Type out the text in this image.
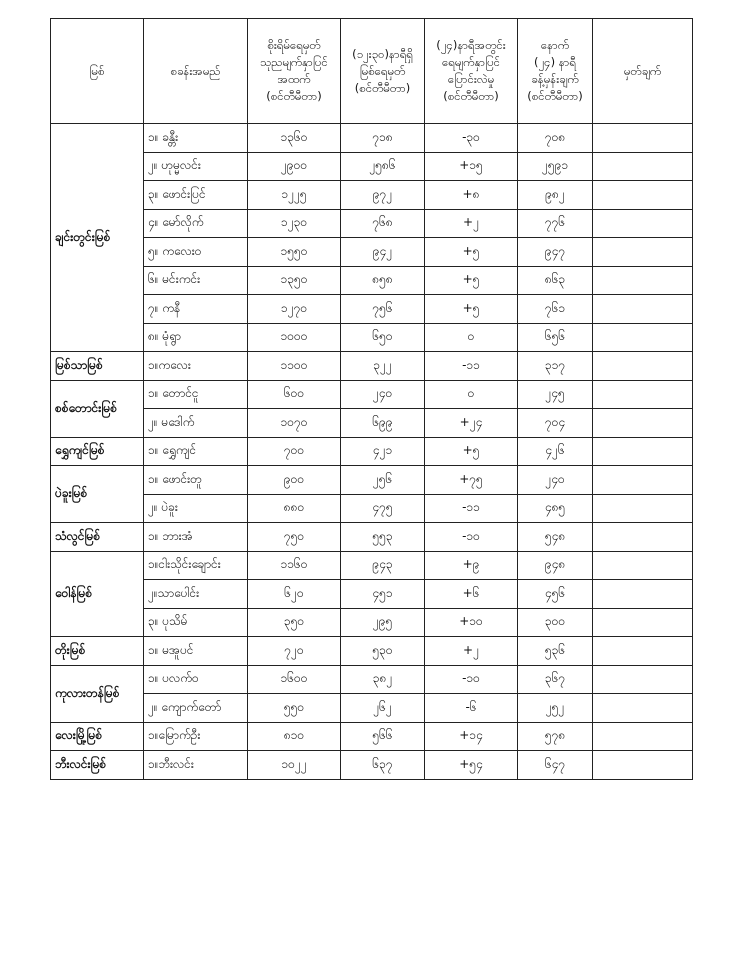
မြစ်	စခန်းအမည်	စိုးရိမ်ရေမှတ်
သုညမျက်နှာပြင်
အထက်
(စင်တီမီတာ)	(၁၂း၃၀)နာရီရှိ
မြစ်ရေမှတ်
(စင်တီမီတာ)	(၂၄)နာရီအတွင်း
ရေမျက်နှာပြင်
ပြောင်းလဲမှု
(စင်တီမီတာ)	နောက်
(၂၄) နာရီ
ခန့်မှန်းချက်
(စင်တီမီတာ)	မှတ်ချက်
ချင်းတွင်းမြစ်	၁။ ခန္တီး	၁၃၆၀	၇၁၈	-၃၀	၇၀၈	
	၂။ ဟုမ္မလင်း	၂၉၀၀	၂၅၈၆	+၁၅	၂၅၉၁	
	၃။ ဖောင်းပြင်	၁၂၂၅	၉၇၂	+၈	၉၈၂	
	၄။ မော်လိုက်	၁၂၃၀	၇၆၈	+၂	၇၇၆	
	၅။ ကလေးဝ	၁၅၅၀	၉၄၂	+၅	၉၄၇	
	၆။ မင်းကင်း	၁၃၅၀	၈၅၈	+၅	၈၆၃	
	၇။ ကနီ	၁၂၇၀	၇၅၆	+၅	၇၆၁	
	၈။ မုံရွာ	၁၀၀၀	၆၅၀	၀	၆၅၆	
မြစ်သာမြစ်	၁။ကလေး	၁၁၀၀	၃၂၂	-၁၁	၃၁၇	
စစ်တောင်းမြစ်	၁။ တောင်ငူ	၆၀၀	၂၄၀	၀	၂၄၅	
	၂။ မဒေါက်	၁၀၇၀	၆၉၉	+၂၄	၇၀၄	
ရွှေကျင်မြစ်	၁။ ရွှေကျင်	၇၀၀	၄၂၁	+၅	၄၂၆	
ပဲခူးမြစ်	၁။ ဖောင်းတူ	၉၀၀	၂၅၆	+၇၅	၂၄၀	
	၂။ ပဲခူး	၈၈၀	၄၇၅	-၁၁	၄၈၅	
သံလွင်မြစ်	၁။ ဘားအံ	၇၅၀	၅၅၃	-၁၀	၅၄၈	
ဝေါန်မြစ်	၁။ငါးသိုင်းချောင်း	၁၁၆၀	၉၄၃	+၉	၉၄၈	
	၂။သာပေါင်း	၆၂၀	၄၅၁	+၆	၄၅၆	
	၃။ ပုသိမ်	၃၅၀	၂၉၅	+၁၀	၃၀၀	
တိုးမြစ်	၁။ မအူပင်	၇၂၀	၅၃၀	+၂	၅၃၆	
ကုလားတန်မြစ်	၁။ ပလက်ဝ	၁၆၀၀	၃၈၂	-၁၀	၃၆၇	
	၂။ ကျောက်တော်	၅၅၀	၂၆၂	-၆	၂၅၂	
လေးမြို့မြစ်	၁။မြောက်ဦး	၈၁၀	၅၆၆	+၁၄	၅၇၈	
ဘီးလင်းမြစ်	၁။ဘီးလင်း	၁၀၂၂	၆၃၇	+၅၄	၆၄၇	
